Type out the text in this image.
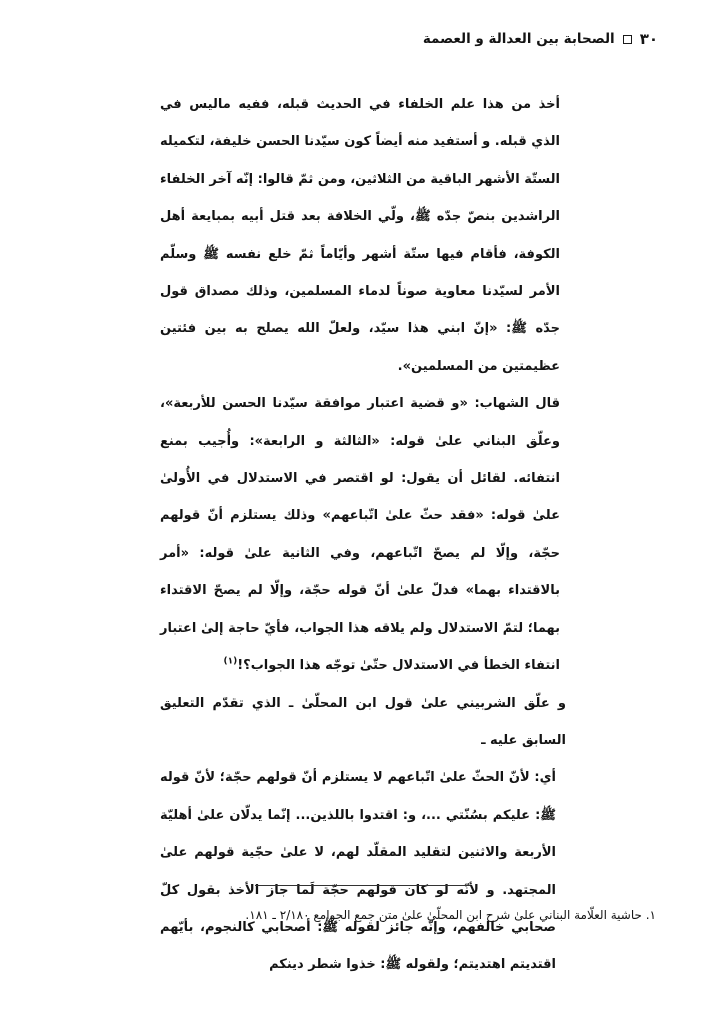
٣٠
الصحابة بين العدالة و العصمة

أخذ من هذا علم الخلفاء في الحديث قبله، ففيه ماليس في الذي قبله. و أستفيد منه أيضاً كون سيّدنا الحسن خليفة، لتكميله الستّة الأشهر الباقية من الثلاثين، ومن ثمّ قالوا: إنّه آخر الخلفاء الراشدين بنصّ جدّه ﷺ، ولّي الخلافة بعد قتل أبيه بمبايعة أهل الكوفة، فأقام فيها ستّة أشهر وأيّاماً ثمّ خلع نفسه ﷺ وسلّم الأمر لسيّدنا معاوية صوناً لدماء المسلمين، وذلك مصداق قول جدّه ﷺ: «إنّ ابني هذا سيّد، ولعلّ الله يصلح به بين فئتين عظيمتين من المسلمين».

قال الشهاب: «و قضية اعتبار موافقة سيّدنا الحسن للأربعة»، وعلّق البناني علىٰ قوله: «الثالثة و الرابعة»: وأُجيب بمنع انتفائه. لقائل أن يقول: لو اقتصر في الاستدلال في الأُولىٰ علىٰ قوله: «فقد حثّ علىٰ اتّباعهم» وذلك يستلزم أنّ قولهم حجّة، وإلّا لم يصحّ اتّباعهم، وفي الثانية علىٰ قوله: «أمر بالاقتداء بهما» فدلّ علىٰ أنّ قوله حجّة، وإلّا لم يصحّ الاقتداء بهما؛ لتمّ الاستدلال ولم يلاقه هذا الجواب، فأيّ حاجة إلىٰ اعتبار انتفاء الخطأ في الاستدلال حتّىٰ توجّه هذا الجواب؟!$^{(١)}$

و علّق الشربيني علىٰ قول ابن المحلّىٰ ـ الذي تقدّم التعليق السابق عليه ـ

أي: لأنّ الحثّ علىٰ اتّباعهم لا يستلزم أنّ قولهم حجّة؛ لأنّ قوله ﷺ: عليكم بسُنّتي ...، و: اقتدوا باللذين... إنّما يدلّان علىٰ أهليّة الأربعة والاثنين لتقليد المقلّد لهم، لا علىٰ حجّية قولهم علىٰ المجتهد. و لأنّه لو كان قولهم حجّة لَما جاز الأخذ بقول كلّ صحابي خالفهم، وإنّه جائز لقوله ﷺ: أصحابي كالنجوم، بأيّهم اقتديتم اهتديتم؛ ولقوله ﷺ: خذوا شطر دينكم

١. حاشية العلّامة البناني علىٰ شرح ابن المحلّىٰ علىٰ متن جمع الجوامع ٢/١٨٠ ـ ١٨١.
